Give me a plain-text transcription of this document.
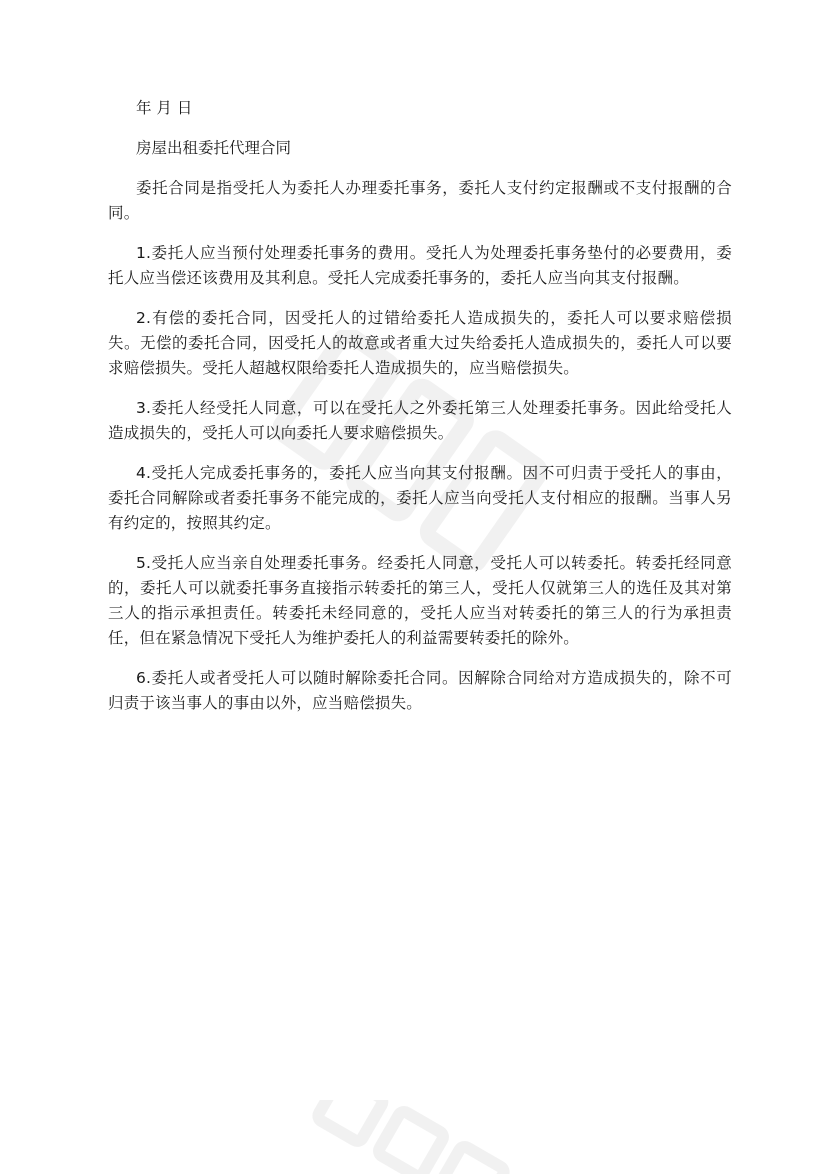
年 月 日

房屋出租委托代理合同

委托合同是指受托人为委托人办理委托事务，委托人支付约定报酬或不支付报酬的合同。

1.委托人应当预付处理委托事务的费用。受托人为处理委托事务垫付的必要费用，委托人应当偿还该费用及其利息。受托人完成委托事务的，委托人应当向其支付报酬。

2.有偿的委托合同，因受托人的过错给委托人造成损失的，委托人可以要求赔偿损失。无偿的委托合同，因受托人的故意或者重大过失给委托人造成损失的，委托人可以要求赔偿损失。受托人超越权限给委托人造成损失的，应当赔偿损失。

3.委托人经受托人同意，可以在受托人之外委托第三人处理委托事务。因此给受托人造成损失的，受托人可以向委托人要求赔偿损失。

4.受托人完成委托事务的，委托人应当向其支付报酬。因不可归责于受托人的事由，委托合同解除或者委托事务不能完成的，委托人应当向受托人支付相应的报酬。当事人另有约定的，按照其约定。

5.受托人应当亲自处理委托事务。经委托人同意，受托人可以转委托。转委托经同意的，委托人可以就委托事务直接指示转委托的第三人，受托人仅就第三人的选任及其对第三人的指示承担责任。转委托未经同意的，受托人应当对转委托的第三人的行为承担责任，但在紧急情况下受托人为维护委托人的利益需要转委托的除外。

6.委托人或者受托人可以随时解除委托合同。因解除合同给对方造成损失的，除不可归责于该当事人的事由以外，应当赔偿损失。
